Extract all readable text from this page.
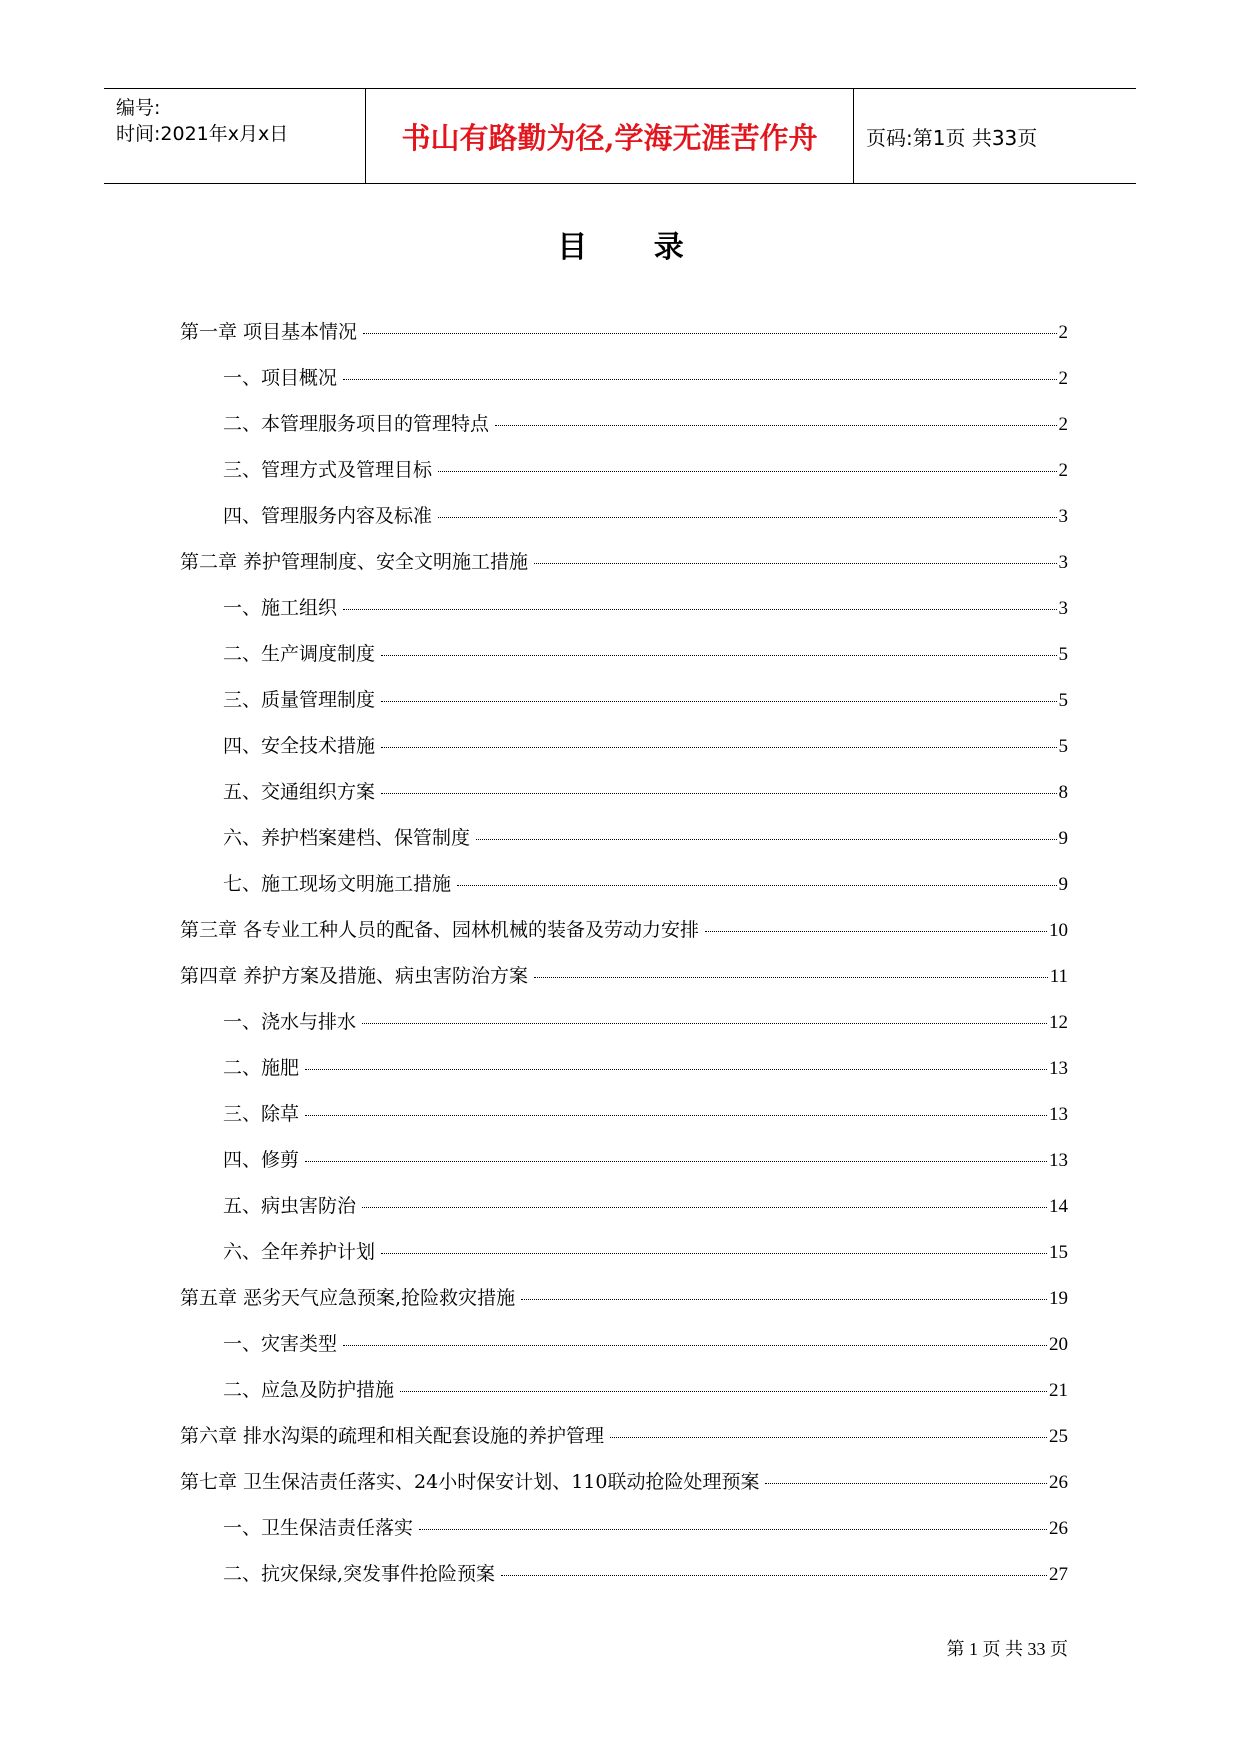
编号:
时间:2021年x月x日	书山有路勤为径,学海无涯苦作舟	页码:第1页 共33页
目 录
第一章 项目基本情况	2
一、项目概况	2
二、本管理服务项目的管理特点	2
三、管理方式及管理目标	2
四、管理服务内容及标准	3
第二章 养护管理制度、安全文明施工措施	3
一、施工组织	3
二、生产调度制度	5
三、质量管理制度	5
四、安全技术措施	5
五、交通组织方案	8
六、养护档案建档、保管制度	9
七、施工现场文明施工措施	9
第三章 各专业工种人员的配备、园林机械的装备及劳动力安排	10
第四章 养护方案及措施、病虫害防治方案	11
一、浇水与排水	12
二、施肥	13
三、除草	13
四、修剪	13
五、病虫害防治	14
六、全年养护计划	15
第五章 恶劣天气应急预案,抢险救灾措施	19
一、灾害类型	20
二、应急及防护措施	21
第六章 排水沟渠的疏理和相关配套设施的养护管理	25
第七章 卫生保洁责任落实、24小时保安计划、110联动抢险处理预案	26
一、卫生保洁责任落实	26
二、抗灾保绿,突发事件抢险预案	27
第 1 页 共 33 页
